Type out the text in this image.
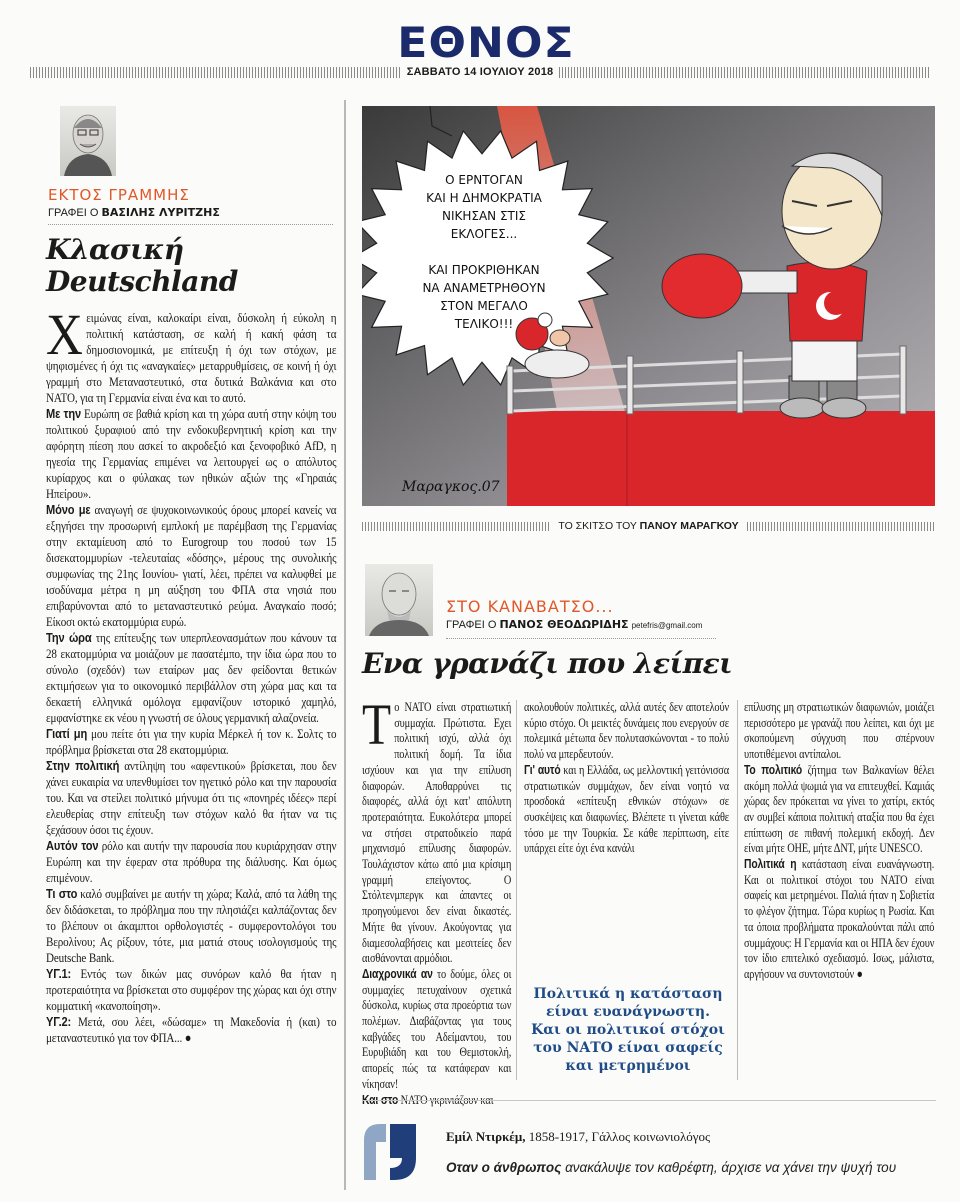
ΕΘΝΟΣ
ΣΑΒΒΑΤΟ 14 ΙΟΥΛΙΟΥ 2018
ΕΚΤΟΣ ΓΡΑΜΜΗΣ
ΓΡΑΦΕΙ Ο ΒΑΣΙΛΗΣ ΛΥΡΙΤΖΗΣ
Κλασική
Deutschland
Χ ειμώνας είναι, καλοκαίρι είναι, δύσκολη ή εύκολη η πολιτική κατάσταση, σε καλή ή κακή φάση τα δημοσιονομικά, με επίτευξη ή όχι των στόχων, με ψηφισμένες ή όχι τις «αναγκαίες» μεταρρυθμίσεις, σε κοινή ή όχι γραμμή στο Μεταναστευτικό, στα δυτικά Βαλκάνια και στο ΝΑΤΟ, για τη Γερμανία είναι ένα και το αυτό.

Με την Ευρώπη σε βαθιά κρίση και τη χώρα αυτή στην κόψη του πολιτικού ξυραφιού από την ενδοκυβερνητική κρίση και την αφόρητη πίεση που ασκεί το ακροδεξιό και ξενοφοβικό AfD, η ηγεσία της Γερμανίας επιμένει να λειτουργεί ως ο απόλυτος κυρίαρχος και ο φύλακας των ηθικών αξιών της «Γηραιάς Ηπείρου».

Μόνο με αναγωγή σε ψυχοκοινωνικούς όρους μπορεί κανείς να εξηγήσει την προσωρινή εμπλοκή με παρέμβαση της Γερμανίας στην εκταμίευση από το Eurogroup του ποσού των 15 δισεκατομμυρίων -τελευταίας «δόσης», μέρους της συνολικής συμφωνίας της 21ης Ιουνίου- γιατί, λέει, πρέπει να καλυφθεί με ισοδύναμα μέτρα η μη αύξηση του ΦΠΑ στα νησιά που επιβαρύνονται από το μεταναστευτικό ρεύμα. Αναγκαίο ποσό; Είκοσι οκτώ εκατομμύρια ευρώ.

Την ώρα της επίτευξης των υπερπλεονασμάτων που κάνουν τα 28 εκατομμύρια να μοιάζουν με πασατέμπο, την ίδια ώρα που το σύνολο (σχεδόν) των εταίρων μας δεν φείδονται θετικών εκτιμήσεων για το οικονομικό περιβάλλον στη χώρα μας και τα δεκαετή ελληνικά ομόλογα εμφανίζουν ιστορικό χαμηλό, εμφανίστηκε εκ νέου η γνωστή σε όλους γερμανική αλαζονεία.

Γιατί μη μου πείτε ότι για την κυρία Μέρκελ ή τον κ. Σολτς το πρόβλημα βρίσκεται στα 28 εκατομμύρια.

Στην πολιτική αντίληψη του «αφεντικού» βρίσκεται, που δεν χάνει ευκαιρία να υπενθυμίσει τον ηγετικό ρόλο και την παρουσία του. Και να στείλει πολιτικό μήνυμα ότι τις «πονηρές ιδέες» περί ελευθερίας στην επίτευξη των στόχων καλό θα ήταν να τις ξεχάσουν όσοι τις έχουν.

Αυτόν τον ρόλο και αυτήν την παρουσία που κυριάρχησαν στην Ευρώπη και την έφεραν στα πρόθυρα της διάλυσης. Και όμως επιμένουν.

Τι στο καλό συμβαίνει με αυτήν τη χώρα; Καλά, από τα λάθη της δεν διδάσκεται, το πρόβλημα που την πλησιάζει καλπάζοντας δεν το βλέπουν οι άκαμπτοι ορθολογιστές - συμφεροντολόγοι του Βερολίνου; Ας ρίξουν, τότε, μια ματιά στους ισολογισμούς της Deutsche Bank.

ΥΓ.1: Εντός των δικών μας συνόρων καλό θα ήταν η προτεραιότητα να βρίσκεται στο συμφέρον της χώρας και όχι στην κομματική «κανοποίηση».

ΥΓ.2: Μετά, σου λέει, «δώσαμε» τη Μακεδονία ή (και) το μεταναστευτικό για τον ΦΠΑ... ●

Ο ΕΡΝΤΟΓΑΝ
ΚΑΙ Η ΔΗΜΟΚΡΑΤΙΑ
ΝΙΚΗΣΑΝ ΣΤΙΣ
ΕΚΛΟΓΕΣ...
ΚΑΙ ΠΡΟΚΡΙΘΗΚΑΝ
ΝΑ ΑΝΑΜΕΤΡΗΘΟΥΝ
ΣΤΟΝ ΜΕΓΑΛΟ
ΤΕΛΙΚΟ!!!
Μαραγκος.07
ΤΟ ΣΚΙΤΣΟ ΤΟΥ ΠΑΝΟΥ ΜΑΡΑΓΚΟΥ
ΣΤΟ ΚΑΝΑΒΑΤΣΟ...
ΓΡΑΦΕΙ Ο ΠΑΝΟΣ ΘΕΟΔΩΡΙΔΗΣ petefris@gmail.com
Ενα γρανάζι που λείπει
Τ ο ΝΑΤΟ είναι στρατιωτική συμμαχία. Πρώτιστα. Εχει πολιτική ισχύ, αλλά όχι πολιτική δομή. Τα ίδια ισχύουν και για την επίλυση διαφορών. Αποθαρρύνει τις διαφορές, αλλά όχι κατ' απόλυτη προτεραιότητα. Ευκολότερα μπορεί να στήσει στρατοδικείο παρά μηχανισμό επίλυσης διαφορών. Τουλάχιστον κάτω από μια κρίσιμη γραμμή επείγοντος. Ο Στόλτενμπεργκ και άπαντες οι προηγούμενοι δεν είναι δικαστές. Μήτε θα γίνουν. Ακούγοντας για διαμεσολαβήσεις και μεσιτείες δεν αισθάνονται αρμόδιοι.

Διαχρονικά αν το δούμε, όλες οι συμμαχίες πετυχαίνουν σχετικά δύσκολα, κυρίως στα προεόρτια των πολέμων. Διαβάζοντας για τους καβγάδες του Αδείμαντου, του Ευρυβιάδη και του Θεμιστοκλή, απορείς πώς τα κατάφεραν και νίκησαν!

Και στο ΝΑΤΟ γκρινιάζουν και

ακολουθούν πολιτικές, αλλά αυτές δεν αποτελούν κύριο στόχο. Οι μεικτές δυνάμεις που ενεργούν σε πολεμικά μέτωπα δεν πολυτασκώνονται - το πολύ πολύ να μπερδευτούν.

Γι' αυτό και η Ελλάδα, ως μελλοντική γειτόνισσα στρατιωτικών συμμάχων, δεν είναι νοητό να προσδοκά «επίτευξη εθνικών στόχων» σε συσκέψεις και διαφωνίες. Βλέπετε τι γίνεται κάθε τόσο με την Τουρκία. Σε κάθε περίπτωση, είτε υπάρχει είτε όχι ένα κανάλι

επίλυσης μη στρατιωτικών διαφωνιών, μοιάζει περισσότερο με γρανάζι που λείπει, και όχι με σκοπούμενη σύγχυση που σπέρνουν υποτιθέμενοι αντίπαλοι.

Το πολιτικό ζήτημα των Βαλκανίων θέλει ακόμη πολλά ψωμιά για να επιτευχθεί. Καμιάς χώρας δεν πρόκειται να γίνει το χατίρι, εκτός αν συμβεί κάποια πολιτική αταξία που θα έχει επίπτωση σε πιθανή πολεμική εκδοχή. Δεν είναι μήτε ΟΗΕ, μήτε ΔΝΤ, μήτε UNESCO.

Πολιτικά η κατάσταση είναι ευανάγνωστη. Και οι πολιτικοί στόχοι του ΝΑΤΟ είναι σαφείς και μετρημένοι. Παλιά ήταν η Σοβιετία το φλέγον ζήτημα. Τώρα κυρίως η Ρωσία. Και τα όποια προβλήματα προκαλούνται πάλι από συμμάχους: Η Γερμανία και οι ΗΠΑ δεν έχουν τον ίδιο επιτελικό σχεδιασμό. Ισως, μάλιστα, αργήσουν να συντονιστούν ●

Πολιτικά η κατάσταση είναι ευανάγνωστη. Και οι πολιτικοί στόχοι του ΝΑΤΟ είναι σαφείς και μετρημένοι
Εμίλ Ντιρκέμ, 1858-1917, Γάλλος κοινωνιολόγος
Οταν ο άνθρωπος ανακάλυψε τον καθρέφτη, άρχισε να χάνει την ψυχή του
